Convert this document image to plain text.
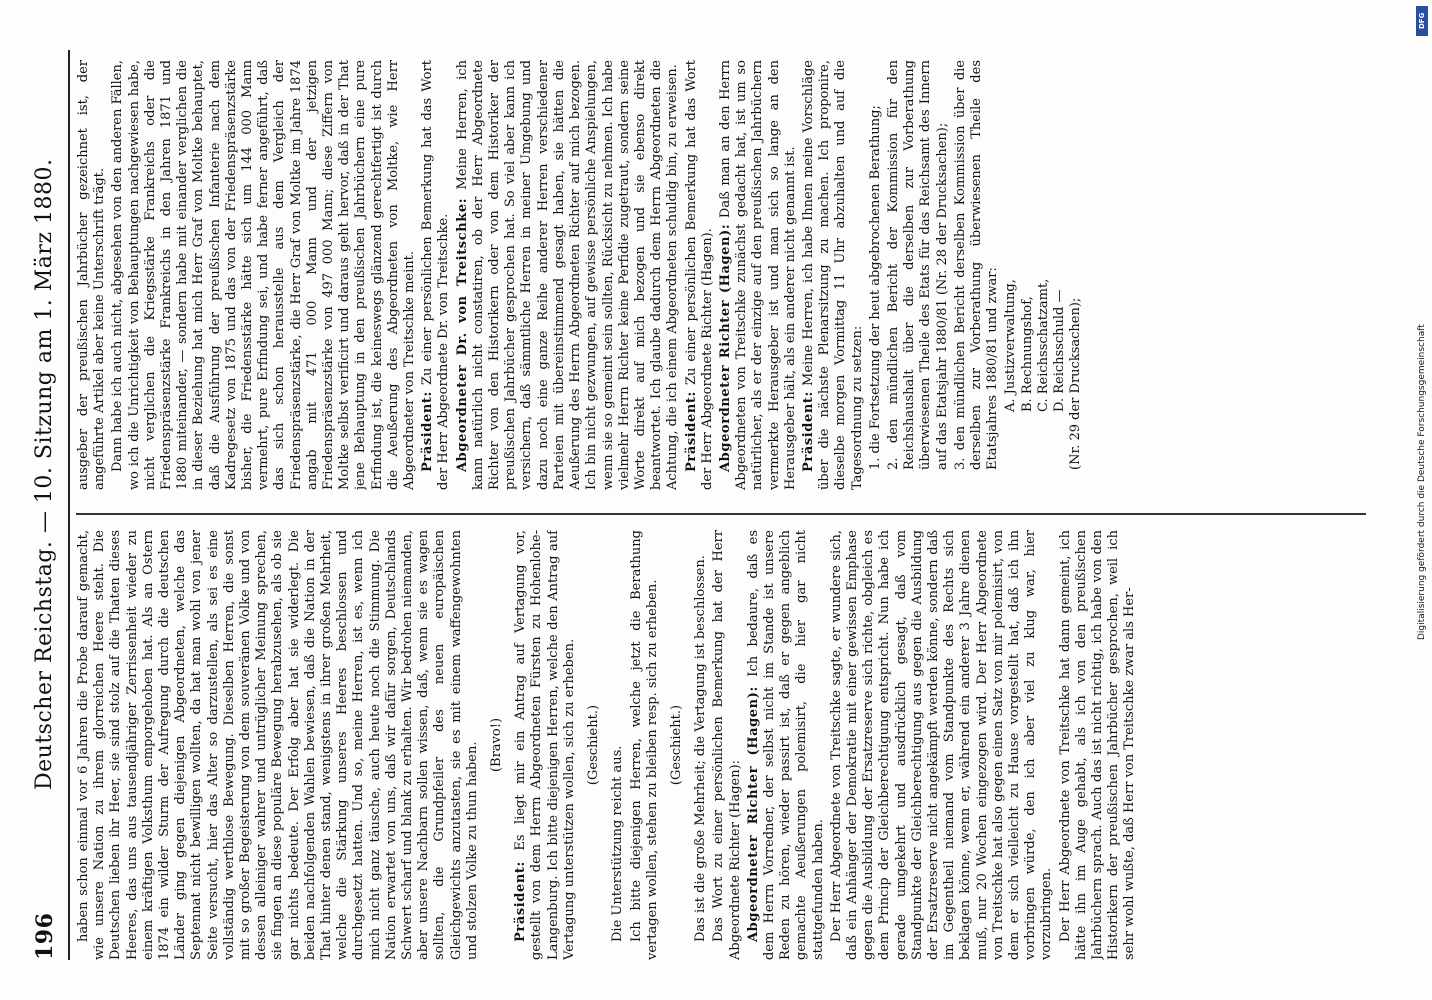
196
Deutscher Reichstag. — 10. Sitzung am 1. März 1880. haben schon einmal vor 6 Jahren die Probe darauf gemacht, wie unsere Nation zu ihrem glorreichen Heere steht. Die Deutschen lieben ihr Heer, sie sind stolz auf die Thaten dieses Heeres, das uns aus tausendjähriger Zerrissenheit wieder zu einem kräftigen Volksthum emporgehoben hat. Als an Ostern 1874 ein wilder Sturm der Aufregung durch die deutschen Länder ging gegen diejenigen Abgeordneten, welche das Septennat nicht bewilligen wollten, da hat man wohl von jener Seite versucht, hier das Alter so darzustellen, als sei es eine vollständig werthlose Bewegung. Dieselben Herren, die sonst mit so großer Begeisterung von dem souveränen Volke und von dessen alleiniger wahrer und untrüglicher Meinung sprechen, sie fingen an diese populäre Bewegung herabzusehen, als ob sie gar nichts bedeute. Der Erfolg aber hat sie widerlegt. Die beiden nachfolgenden Wahlen bewiesen, daß die Nation in der That hinter denen stand, wenigstens in ihrer großen Mehrheit, welche die Stärkung unseres Heeres beschlossen und durchgesetzt hatten. Und so, meine Herren, ist es, wenn ich mich nicht ganz täusche, auch heute noch die Stimmung. Die Nation erwartet von uns, daß wir dafür sorgen, Deutschlands Schwert scharf und blank zu erhalten. Wir bedrohen niemanden, aber unsere Nachbarn sollen wissen, daß, wenn sie es wagen sollten, die Grundpfeiler des neuen europäischen Gleichgewichts anzutasten, sie es mit einem waffengewohnten und stolzen Volke zu thun haben. (Bravo!)

Präsident: Es liegt mir ein Antrag auf Vertagung vor, gestellt von dem Herrn Abgeordneten Fürsten zu Hohenlohe-Langenburg. Ich bitte diejenigen Herren, welche den Antrag auf Vertagung unterstützen wollen, sich zu erheben. (Geschieht.)

Die Unterstützung reicht aus. Ich bitte diejenigen Herren, welche jetzt die Berathung vertagen wollen, stehen zu bleiben resp. sich zu erheben. (Geschieht.) Das ist die große Mehrheit; die Vertagung ist beschlossen. Das Wort zu einer persönlichen Bemerkung hat der Herr Abgeordnete Richter (Hagen): Abgeordneter Richter (Hagen): Ich bedaure, daß es dem Herrn Vorredner, der selbst nicht im Stande ist unsere Reden zu hören, wieder passirt ist, daß er gegen angeblich gemachte Aeußerungen polemisirt, die hier gar nicht stattgefunden haben. Der Herr Abgeordnete von Treitschke sagte, er wundere sich, daß ein Anhänger der Demokratie mit einer gewissen Emphase gegen die Ausbildung der Ersatzreserve sich richte, obgleich es dem Princip der Gleichberechtigung entspricht. Nun habe ich gerade umgekehrt und ausdrücklich gesagt, daß vom Standpunkte der Gleichberechtigung aus gegen die Ausbildung der Ersatzreserve nicht angekämpft werden könne, sondern daß im Gegentheil niemand vom Standpunkte des Rechts sich beklagen könne, wenn er, während ein anderer 3 Jahre dienen muß, nur 20 Wochen eingezogen wird. Der Herr Abgeordnete von Treitschke hat also gegen einen Satz von mir polemisirt, von dem er sich vielleicht zu Hause vorgestellt hat, daß ich ihn vorbringen würde, den ich aber viel zu klug war, hier vorzubringen. Der Herr Abgeordnete von Treitschke hat dann gemeint, ich hätte ihn im Auge gehabt, als ich von den preußischen Jahrbüchern sprach. Auch das ist nicht richtig, ich habe von den Historikern der preußischen Jahrbücher gesprochen, weil ich sehr wohl wußte, daß Herr von Treitschke zwar als Her-

ausgeber der preußischen Jahrbücher gezeichnet ist, der angeführte Artikel aber keine Unterschrift trägt. Dann habe ich auch nicht, abgesehen von den anderen Fällen, wo ich die Unrichtigkeit von Behauptungen nachgewiesen habe, nicht verglichen die Kriegsstärke Frankreichs oder die Friedenspräsenzstärke Frankreichs in den Jahren 1871 und 1880 miteinander, — sondern habe mit einander verglichen die in dieser Beziehung hat mich Herr Graf von Moltke behauptet, daß die Ausführung der preußischen Infanterie nach dem Kadregesetz von 1875 und das von der Friedenspräsenzstärke bisher, die Friedensstärke hätte sich um 144 000 Mann vermehrt, pure Erfindung sei, und habe ferner angeführt, daß das sich schon herausstelle aus dem Vergleich der Friedenspräsenzstärke, die Herr Graf von Moltke im Jahre 1874 angab mit 471 000 Mann und der jetzigen Friedenspräsenzstärke von 497 000 Mann; diese Ziffern von Moltke selbst verificirt und daraus geht hervor, daß in der That jene Behauptung in den preußischen Jahrbüchern eine pure Erfindung ist, die keineswegs glänzend gerechtfertigt ist durch die Aeußerung des Abgeordneten von Moltke, wie Herr Abgeordneter von Treitschke meint. Präsident: Zu einer persönlichen Bemerkung hat das Wort der Herr Abgeordnete Dr. von Treitschke. Abgeordneter Dr. von Treitschke: Meine Herren, ich kann natürlich nicht constatiren, ob der Herr Abgeordnete Richter von den Historikern oder von dem Historiker der preußischen Jahrbücher gesprochen hat. So viel aber kann ich versichern, daß sämmtliche Herren in meiner Umgebung und dazu noch eine ganze Reihe anderer Herren verschiedener Parteien mit übereinstimmend gesagt haben, sie hätten die Aeußerung des Herrn Abgeordneten Richter auf mich bezogen. Ich bin nicht gezwungen, auf gewisse persönliche Anspielungen, wenn sie so gemeint sein sollten, Rücksicht zu nehmen. Ich habe vielmehr Herrn Richter keine Perfidie zugetraut, sondern seine Worte direkt auf mich bezogen und sie ebenso direkt beantwortet. Ich glaube dadurch dem Herrn Abgeordneten die Achtung, die ich einem Abgeordneten schuldig bin, zu erweisen. Präsident: Zu einer persönlichen Bemerkung hat das Wort der Herr Abgeordnete Richter (Hagen). Abgeordneter Richter (Hagen): Daß man an den Herrn Abgeordneten von Treitschke zunächst gedacht hat, ist um so natürlicher, als er der einzige auf den preußischen Jahrbüchern vermerkte Herausgeber ist und man sich so lange an den Herausgeber hält, als ein anderer nicht genannt ist. Präsident: Meine Herren, ich habe Ihnen meine Vorschläge über die nächste Plenarsitzung zu machen. Ich proponire, dieselbe morgen Vormittag 11 Uhr abzuhalten und auf die Tagesordnung zu setzen: 1. die Fortsetzung der heut abgebrochenen Berathung; 2. den mündlichen Bericht der Kommission für den Reichshaushalt über die derselben zur Vorberathung überwiesenen Theile des Etats für das Reichsamt des Innern auf das Etatsjahr 1880/81 (Nr. 28 der Drucksachen); 3. den mündlichen Bericht derselben Kommission über die derselben zur Vorberathung überwiesenen Theile des Etatsjahres 1880/81 und zwar: A. Justizverwaltung, B. Rechnungshof, C. Reichsschatzamt, D. Reichsschuld — (Nr. 29 der Drucksachen);

DFG
Digitalisierung gefördert durch die Deutsche Forschungsgemeinschaft
